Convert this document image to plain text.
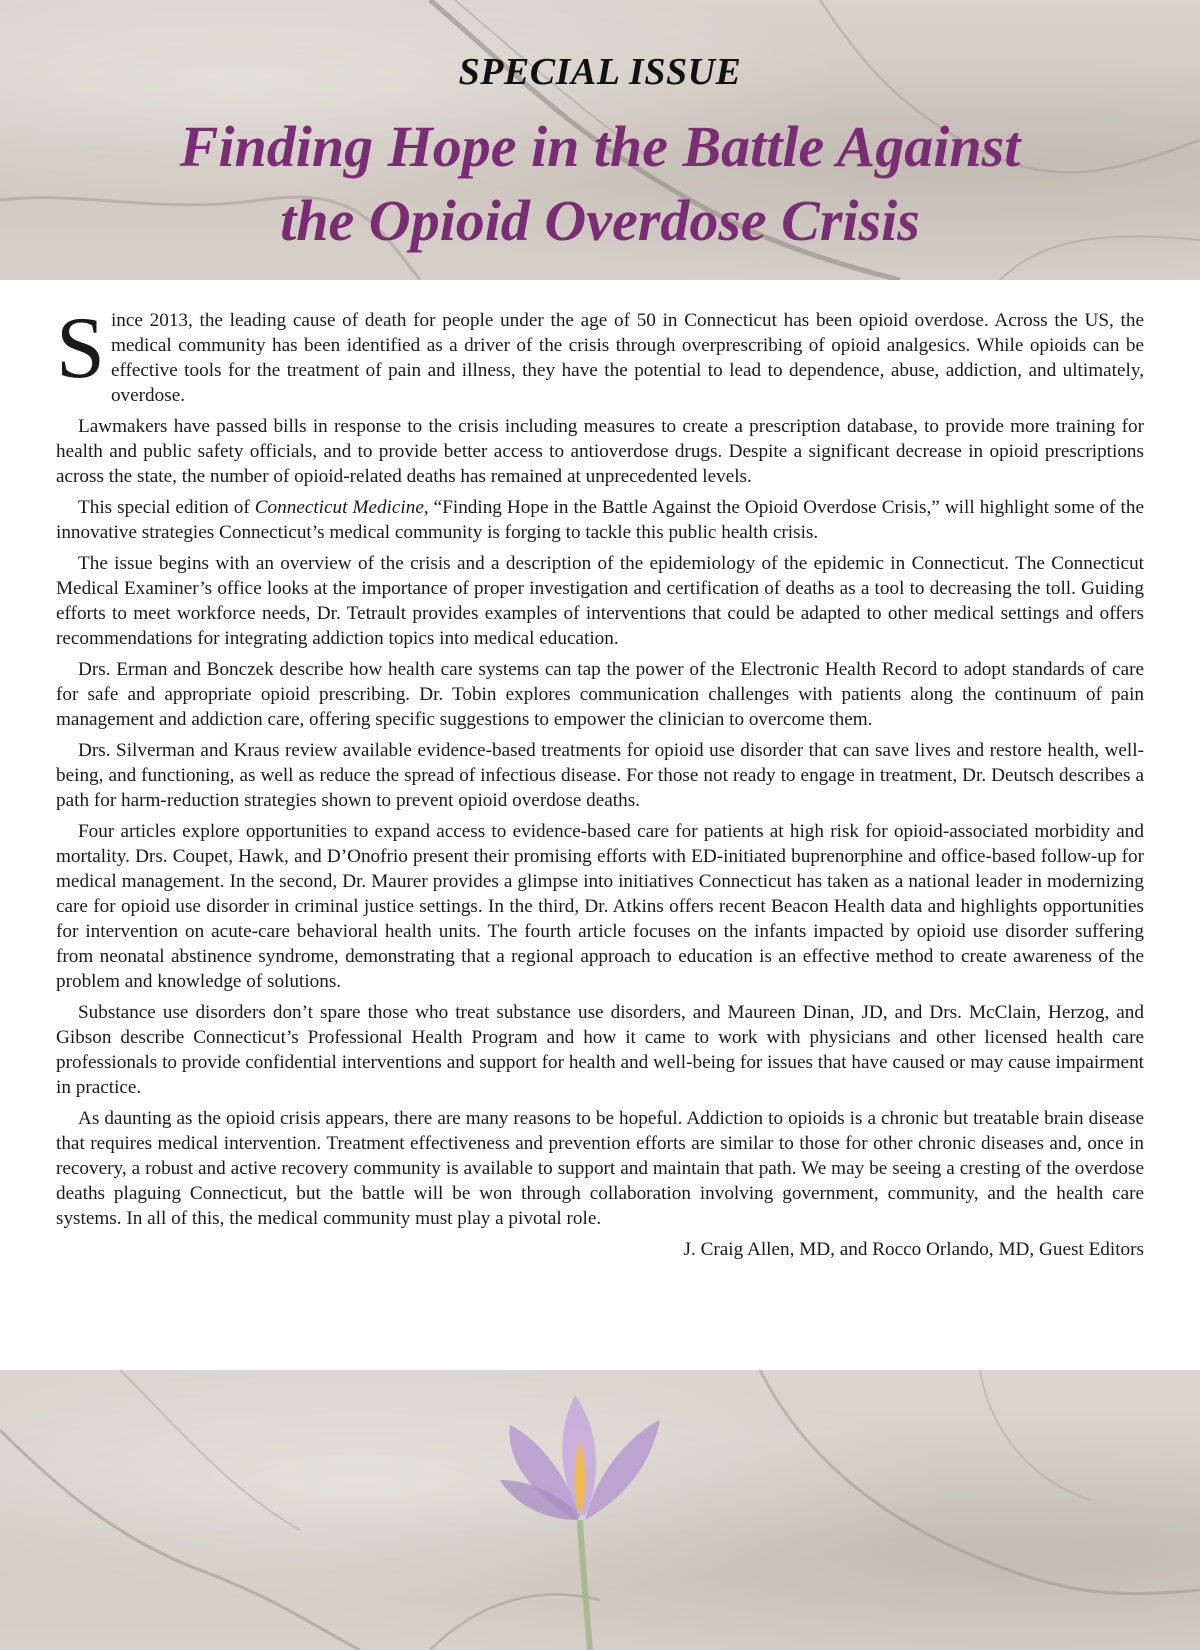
SPECIAL ISSUE
Finding Hope in the Battle Against
the Opioid Overdose Crisis

Since 2013, the leading cause of death for people under the age of 50 in Connecticut has been opioid overdose. Across the US, the medical community has been identified as a driver of the crisis through overprescribing of opioid analgesics. While opioids can be effective tools for the treatment of pain and illness, they have the potential to lead to dependence, abuse, addiction, and ultimately, overdose.

Lawmakers have passed bills in response to the crisis including measures to create a prescription database, to provide more training for health and public safety officials, and to provide better access to antioverdose drugs. Despite a significant decrease in opioid prescriptions across the state, the number of opioid-related deaths has remained at unprecedented levels.

This special edition of Connecticut Medicine, “Finding Hope in the Battle Against the Opioid Overdose Crisis,” will highlight some of the innovative strategies Connecticut’s medical community is forging to tackle this public health crisis.

The issue begins with an overview of the crisis and a description of the epidemiology of the epidemic in Connecticut. The Connecticut Medical Examiner’s office looks at the importance of proper investigation and certification of deaths as a tool to decreasing the toll. Guiding efforts to meet workforce needs, Dr. Tetrault provides examples of interventions that could be adapted to other medical settings and offers recommendations for integrating addiction topics into medical education.

Drs. Erman and Bonczek describe how health care systems can tap the power of the Electronic Health Record to adopt standards of care for safe and appropriate opioid prescribing. Dr. Tobin explores communication challenges with patients along the continuum of pain management and addiction care, offering specific suggestions to empower the clinician to overcome them.

Drs. Silverman and Kraus review available evidence-based treatments for opioid use disorder that can save lives and restore health, well-being, and functioning, as well as reduce the spread of infectious disease. For those not ready to engage in treatment, Dr. Deutsch describes a path for harm-reduction strategies shown to prevent opioid overdose deaths.

Four articles explore opportunities to expand access to evidence-based care for patients at high risk for opioid-associated morbidity and mortality. Drs. Coupet, Hawk, and D’Onofrio present their promising efforts with ED-initiated buprenorphine and office-based follow-up for medical management. In the second, Dr. Maurer provides a glimpse into initiatives Connecticut has taken as a national leader in modernizing care for opioid use disorder in criminal justice settings. In the third, Dr. Atkins offers recent Beacon Health data and highlights opportunities for intervention on acute-care behavioral health units. The fourth article focuses on the infants impacted by opioid use disorder suffering from neonatal abstinence syndrome, demonstrating that a regional approach to education is an effective method to create awareness of the problem and knowledge of solutions.

Substance use disorders don’t spare those who treat substance use disorders, and Maureen Dinan, JD, and Drs. McClain, Herzog, and Gibson describe Connecticut’s Professional Health Program and how it came to work with physicians and other licensed health care professionals to provide confidential interventions and support for health and well-being for issues that have caused or may cause impairment in practice.

As daunting as the opioid crisis appears, there are many reasons to be hopeful. Addiction to opioids is a chronic but treatable brain disease that requires medical intervention. Treatment effectiveness and prevention efforts are similar to those for other chronic diseases and, once in recovery, a robust and active recovery community is available to support and maintain that path. We may be seeing a cresting of the overdose deaths plaguing Connecticut, but the battle will be won through collaboration involving government, community, and the health care systems. In all of this, the medical community must play a pivotal role.

J. Craig Allen, MD, and Rocco Orlando, MD, Guest Editors
